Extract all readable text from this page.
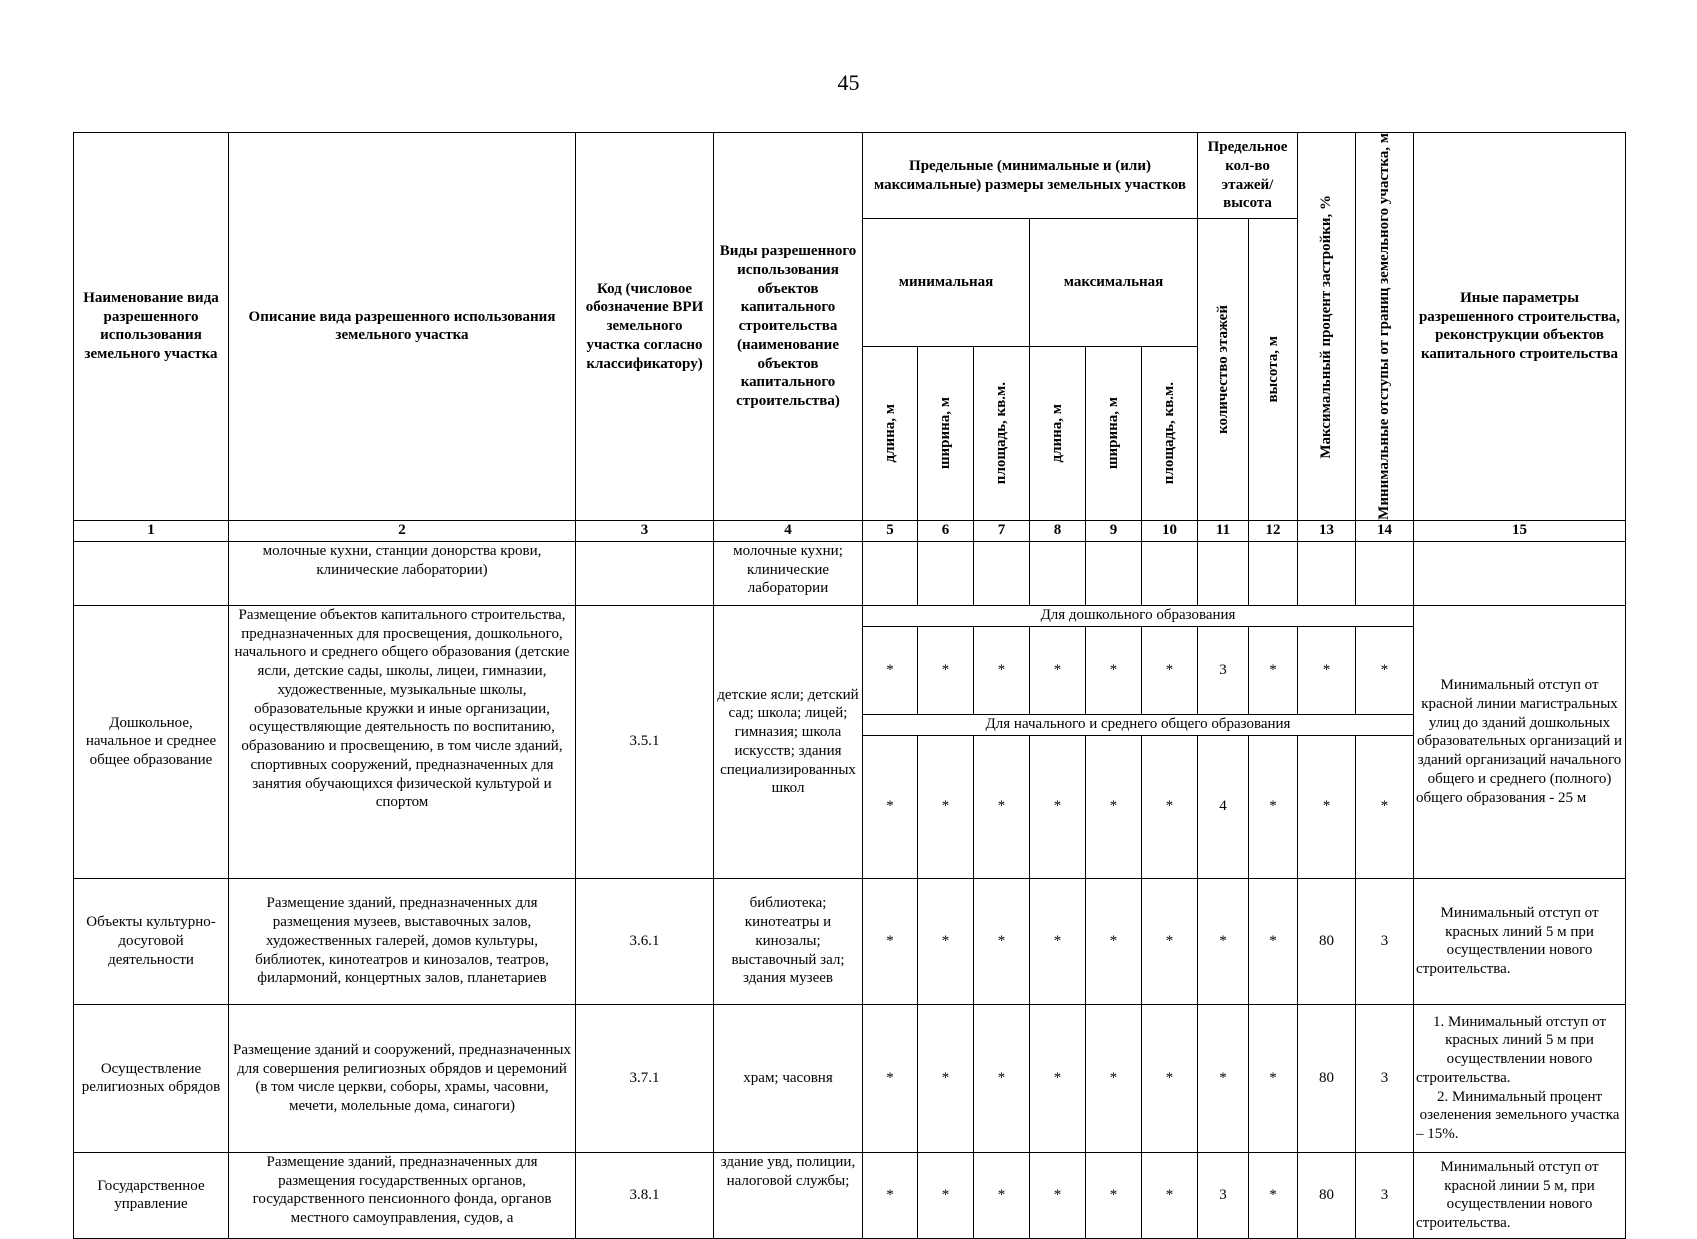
45
Наименование вида разрешенного использования земельного участка	Описание вида разрешенного использования земельного участка	Код (числовое обозначение ВРИ земельного участка согласно классификатору)	Виды разрешенного использования объектов капитального строительства (наименование объектов капитального строительства)	Предельные (минимальные и (или) максимальные) размеры земельных участков						Предельное кол-во этажей/ высота		Максимальный процент застройки, %	Минимальные отступы от границ земельного участка, м	Иные параметры разрешенного строительства, реконструкции объектов капитального строительства
				минимальная			максимальная			количество этажей	высота, м			

				длина, м	ширина, м	площадь, кв.м.	длина, м	ширина, м	площадь, кв.м.					

1	2	3	4	5	6	7	8	9	10	11	12	13	14	15
	молочные кухни, станции донорства крови, клинические лаборатории)		молочные кухни; клинические лаборатории											
Дошкольное, начальное и среднее общее образование	Размещение объектов капитального строительства, предназначенных для просвещения, дошкольного, начального и среднего общего образования (детские ясли, детские сады, школы, лицеи, гимназии, художественные, музыкальные школы, образовательные кружки и иные организации, осуществляющие деятельность по воспитанию, образованию и просвещению, в том числе зданий, спортивных сооружений, предназначенных для занятия обучающихся физической культурой и спортом	3.5.1	детские ясли; детский сад; школа; лицей; гимназия; школа искусств; здания специализированных школ	Для дошкольного образования										Минимальный отступ от красной линии магистральных улиц до зданий дошкольных образовательных организаций и зданий организаций начального общего и среднего (полного) общего образования - 25 м
				*	*	*	*	*	*	3	*	*	*	
				Для начального и среднего общего образования										
				*	*	*	*	*	*	4	*	*	*	
Объекты культурно-досуговой деятельности	Размещение зданий, предназначенных для размещения музеев, выставочных залов, художественных галерей, домов культуры, библиотек, кинотеатров и кинозалов, театров, филармоний, концертных залов, планетариев	3.6.1	библиотека; кинотеатры и кинозалы; выставочный зал; здания музеев	*	*	*	*	*	*	*	*	80	3	Минимальный отступ от красных линий 5 м при осуществлении нового строительства.
Осуществление религиозных обрядов	Размещение зданий и сооружений, предназначенных для совершения религиозных обрядов и церемоний (в том числе церкви, соборы, храмы, часовни, мечети, молельные дома, синагоги)	3.7.1	храм; часовня	*	*	*	*	*	*	*	*	80	3	1. Минимальный отступ от красных линий 5 м при осуществлении нового строительства.
2. Минимальный процент озеленения земельного участка – 15%.
Государственное управление	Размещение зданий, предназначенных для размещения государственных органов, государственного пенсионного фонда, органов местного самоуправления, судов, а	3.8.1	здание увд, полиции, налоговой службы;	*	*	*	*	*	*	3	*	80	3	Минимальный отступ от красной линии 5 м, при осуществлении нового строительства.
